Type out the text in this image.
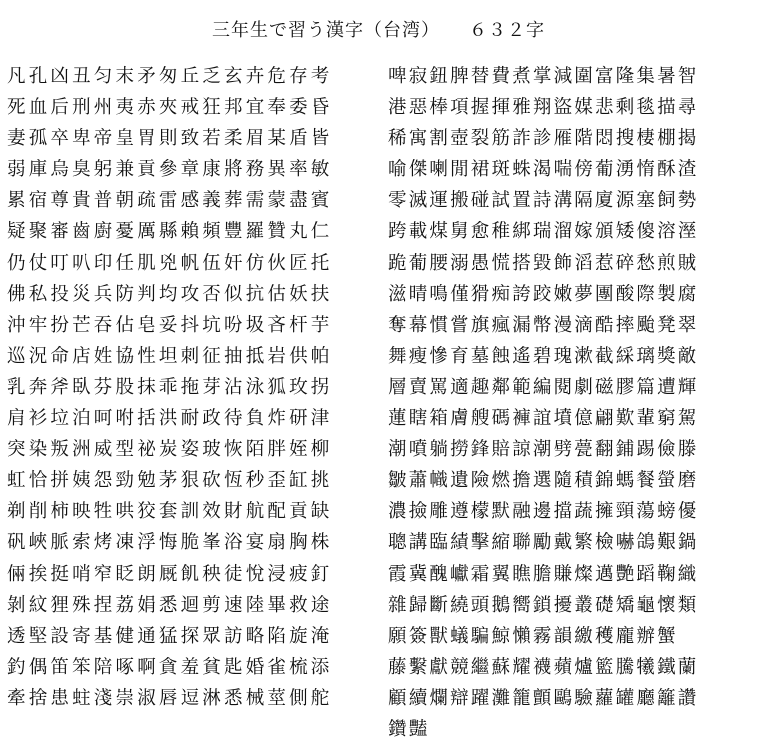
三年生で習う漢字（台湾）　　６３２字
凡孔凶丑匀末矛匆丘乏玄卉危存考
死血后刑州夷赤夾戒狂邦宜奉委昏
妻孤卒卑帝皇胃則致若柔眉某盾皆
弱庫烏臭躬兼貢參章康將務異率敏
累宿尊貴普朝疏雷感義葬需蒙盡賓
疑聚審齒廚憂厲縣賴頻豐羅贊丸仁
仍仗叮叭印任肌兇帆伍奸仿伙匠托
佛私投災兵防判均攻否似抗估妖扶
沖牢扮芒吞佔皂妥抖坑吩圾吝杆芋
巡況命店姓協性坦刺征抽抵岩供帕
乳奔斧臥芬股抹乖拖芽沾泳狐玫拐
肩衫垃泊呵咐括洪耐政待負炸研津
突染叛洲威型祕炭姿玻恢陌胖姪柳
虹恰拼姨怨勁勉茅狠砍恆秒歪缸挑
剃削柿映牲哄狡套訓效財航配貢缺
矾峽脈索烤凍浮悔脆峯浴宴扇胸株
倆挨挺哨窄眨朗厩飢秧徒悅浸疲釘
剝紋狸殊捏荔娟悉迴剪速陸畢救途
透堅設寄基健通猛探眾訪略陷旋淹
釣偶笛笨陪啄啊貪羞貧匙婚雀梳添
牽捨患蛀淺崇淑唇逗淋悉械莖側舵
啤寂鈕脾替費煮掌減圍富隆集暑智
港惡棒項握揮雅翔盜媒悲剩毯描尋
稀寓割壺裂筋詐診雁階悶搜棲棚揭
喻傑喇閒裙斑蛛渴喘傍葡湧惰酥渣
零滅運搬碰試置詩溝隔廈源塞飼勢
跨載煤舅愈稚綁瑞溜嫁頒矮傻溶溼
跪葡腰溺愚慌搭毀飾滔惹碎愁煎賊
滋晴鳴僅猾痴誇跤嫩夢團酸際製腐
奪幕慣嘗旗瘋漏幣漫滴酷摔颱凳翠
舞瘦慘育墓蝕遙碧瑰漱截綵璃獎敵
層賣罵適趣鄰範編閱劇磁膠篇遭輝
蓮瞎箱膚艘碼褲誼墳億翩歎輩窮駕
潮噴躺撈鋒賠諒潮劈甍翻鋪踢儉滕
皺蕭幟遺險燃擔選隨積錦螞餐螢磨
濃撿雕遵檬默融邊擋蔬擁頸蕩螃優
聰講臨績擊縮聯勵戴繁檢嚇鴿艱鍋
霞冀醜巘霜翼瞧膽賺燦邁艷蹈鞠織
雜歸斷繞頭鵝嚮鎖擾叢礎矯龜懷類
願簽獸蟻騙鯨懶霧韻繳穫龐辦蟹
藤繫獻競繼蘇耀襪蘋爐籃騰犧鐵蘭
顧續爛辯躍灘籠顫鷗驗蘿罐廳籬讚
鑽豔
